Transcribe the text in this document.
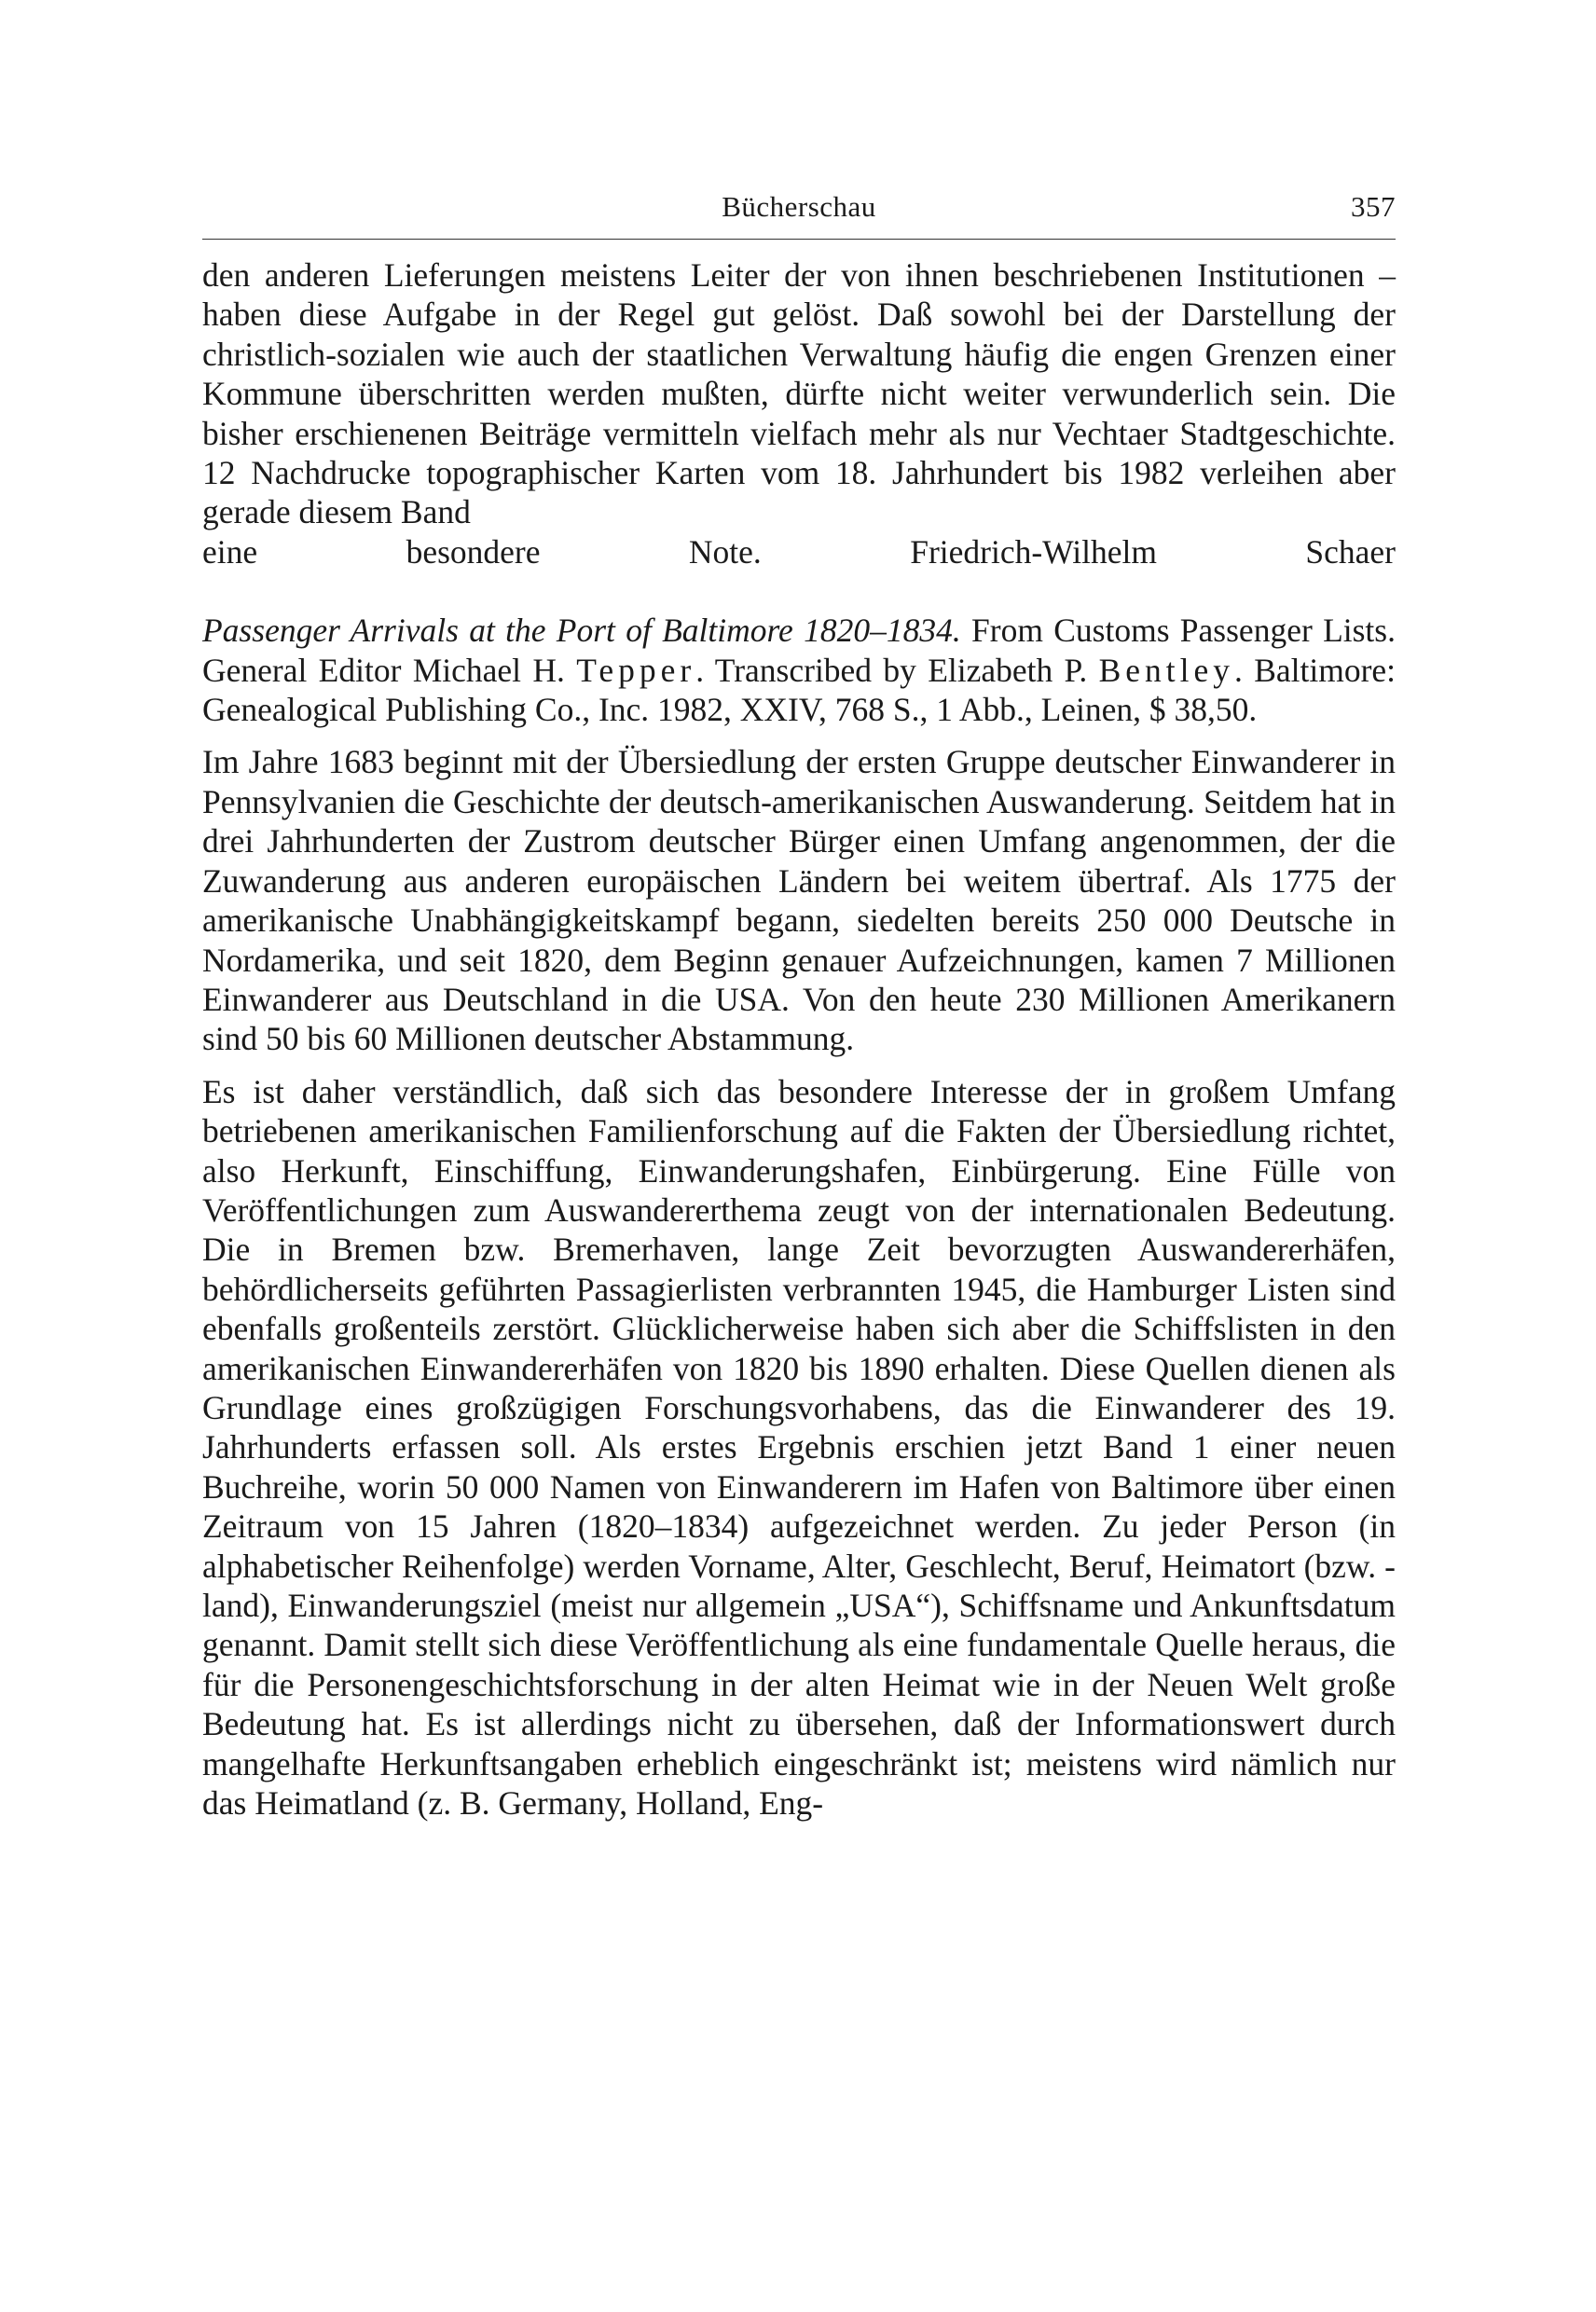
Bücherschau	357

den anderen Lieferungen meistens Leiter der von ihnen beschriebenen Institutionen – haben diese Aufgabe in der Regel gut gelöst. Daß sowohl bei der Darstellung der christlich-sozialen wie auch der staatlichen Verwaltung häufig die engen Grenzen einer Kommune überschritten werden mußten, dürfte nicht weiter verwunderlich sein. Die bisher erschienenen Beiträge vermitteln vielfach mehr als nur Vechtaer Stadtgeschichte. 12 Nachdrucke topographischer Karten vom 18. Jahrhundert bis 1982 verleihen aber gerade diesem Band

eine besondere Note.	Friedrich-Wilhelm Schaer

Passenger Arrivals at the Port of Baltimore 1820–1834. From Customs Passenger Lists. General Editor Michael H. Tepper. Transcribed by Elizabeth P. Bentley. Baltimore: Genealogical Publishing Co., Inc. 1982, XXIV, 768 S., 1 Abb., Leinen, $ 38,50.

Im Jahre 1683 beginnt mit der Übersiedlung der ersten Gruppe deutscher Einwanderer in Pennsylvanien die Geschichte der deutsch-amerikanischen Auswanderung. Seitdem hat in drei Jahrhunderten der Zustrom deutscher Bürger einen Umfang angenommen, der die Zuwanderung aus anderen europäischen Ländern bei weitem übertraf. Als 1775 der amerikanische Unabhängigkeitskampf begann, siedelten bereits 250 000 Deutsche in Nordamerika, und seit 1820, dem Beginn genauer Aufzeichnungen, kamen 7 Millionen Einwanderer aus Deutschland in die USA. Von den heute 230 Millionen Amerikanern sind 50 bis 60 Millionen deutscher Abstammung.

Es ist daher verständlich, daß sich das besondere Interesse der in großem Umfang betriebenen amerikanischen Familienforschung auf die Fakten der Übersiedlung richtet, also Herkunft, Einschiffung, Einwanderungshafen, Einbürgerung. Eine Fülle von Veröffentlichungen zum Auswandererthema zeugt von der internationalen Bedeutung. Die in Bremen bzw. Bremerhaven, lange Zeit bevorzugten Auswandererhäfen, behördlicherseits geführten Passagierlisten verbrannten 1945, die Hamburger Listen sind ebenfalls großenteils zerstört. Glücklicherweise haben sich aber die Schiffslisten in den amerikanischen Einwandererhäfen von 1820 bis 1890 erhalten. Diese Quellen dienen als Grundlage eines großzügigen Forschungsvorhabens, das die Einwanderer des 19. Jahrhunderts erfassen soll. Als erstes Ergebnis erschien jetzt Band 1 einer neuen Buchreihe, worin 50 000 Namen von Einwanderern im Hafen von Baltimore über einen Zeitraum von 15 Jahren (1820–1834) aufgezeichnet werden. Zu jeder Person (in alphabetischer Reihenfolge) werden Vorname, Alter, Geschlecht, Beruf, Heimatort (bzw. -land), Einwanderungsziel (meist nur allgemein „USA“), Schiffsname und Ankunftsdatum genannt. Damit stellt sich diese Veröffentlichung als eine fundamentale Quelle heraus, die für die Personengeschichtsforschung in der alten Heimat wie in der Neuen Welt große Bedeutung hat. Es ist allerdings nicht zu übersehen, daß der Informationswert durch mangelhafte Herkunftsangaben erheblich eingeschränkt ist; meistens wird nämlich nur das Heimatland (z. B. Germany, Holland, Eng-
